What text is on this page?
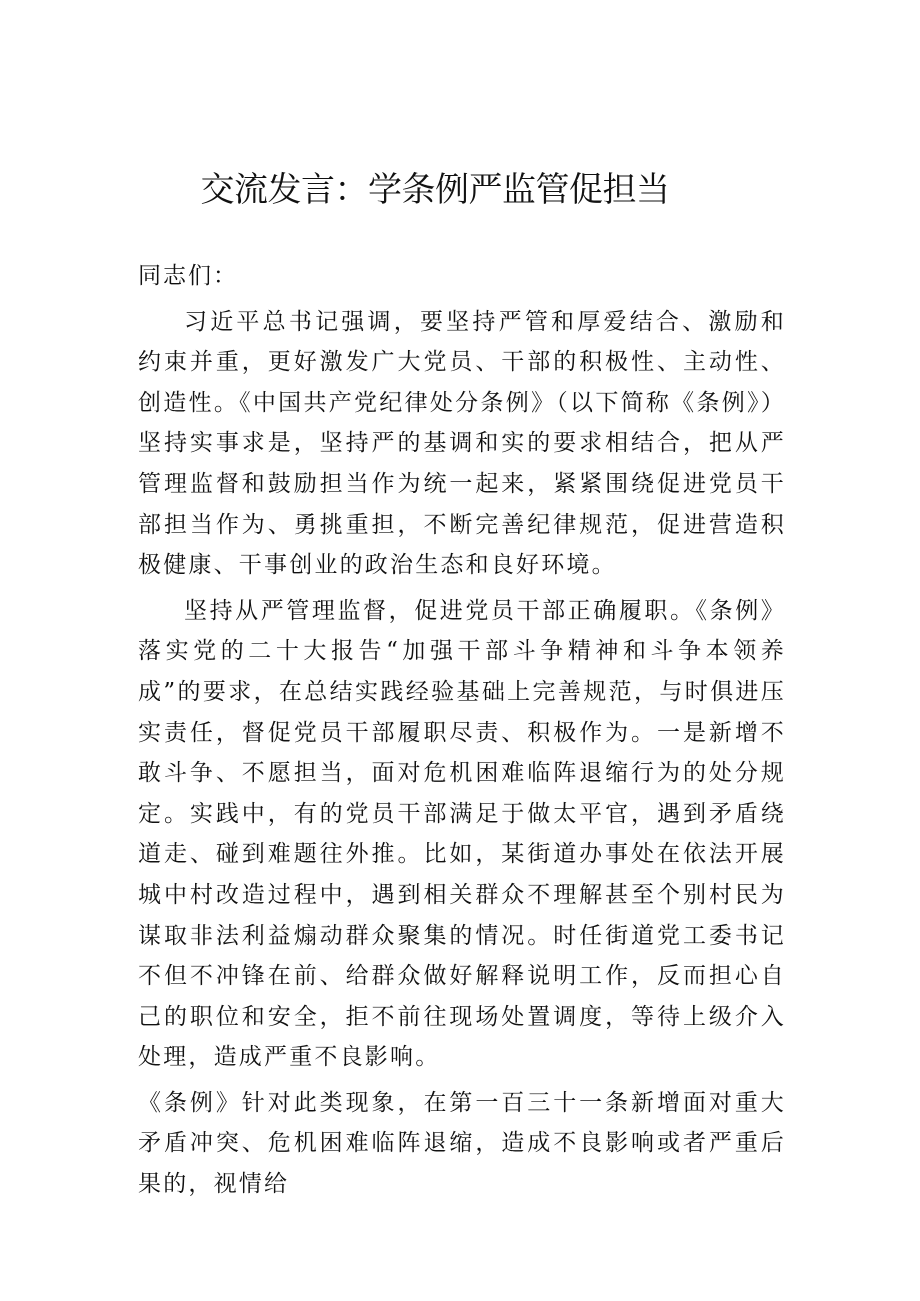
交流发言：学条例严监管促担当

同志们：

习近平总书记强调，要坚持严管和厚爱结合、激励和约束并重，更好激发广大党员、干部的积极性、主动性、创造性。《中国共产党纪律处分条例》（以下简称《条例》）坚持实事求是，坚持严的基调和实的要求相结合，把从严管理监督和鼓励担当作为统一起来，紧紧围绕促进党员干部担当作为、勇挑重担，不断完善纪律规范，促进营造积极健康、干事创业的政治生态和良好环境。

坚持从严管理监督，促进党员干部正确履职。《条例》落实党的二十大报告“加强干部斗争精神和斗争本领养成”的要求，在总结实践经验基础上完善规范，与时俱进压实责任，督促党员干部履职尽责、积极作为。一是新增不敢斗争、不愿担当，面对危机困难临阵退缩行为的处分规定。实践中，有的党员干部满足于做太平官，遇到矛盾绕道走、碰到难题往外推。比如，某街道办事处在依法开展城中村改造过程中，遇到相关群众不理解甚至个别村民为谋取非法利益煽动群众聚集的情况。时任街道党工委书记不但不冲锋在前、给群众做好解释说明工作，反而担心自己的职位和安全，拒不前往现场处置调度，等待上级介入处理，造成严重不良影响。

《条例》针对此类现象，在第一百三十一条新增面对重大矛盾冲突、危机困难临阵退缩，造成不良影响或者严重后果的，视情给
